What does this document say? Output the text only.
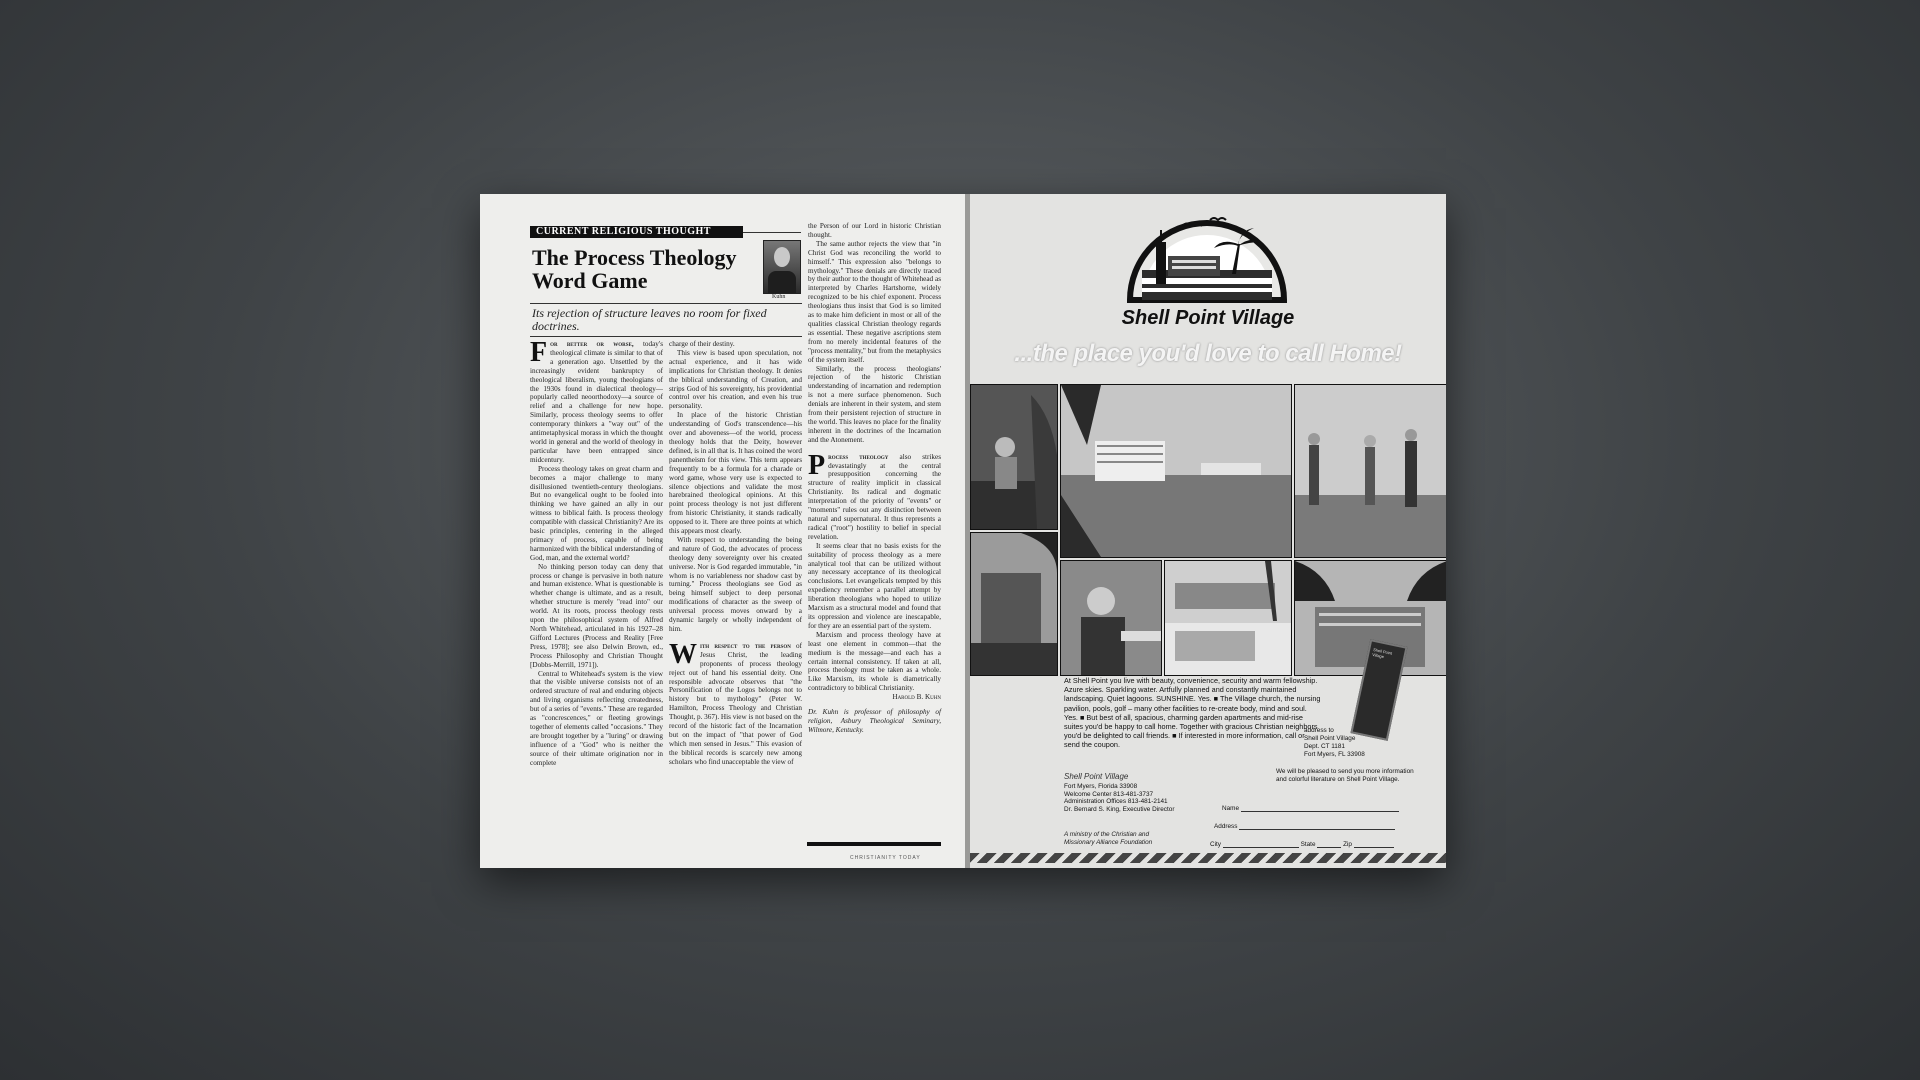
CURRENT RELIGIOUS THOUGHT
The Process Theology Word Game
Kuhn

Its rejection of structure leaves no room for fixed doctrines.

For better or worse, today's theological climate is similar to that of a generation ago. Unsettled by the increasingly evident bankruptcy of theological liberalism, young theologians of the 1930s found in dialectical theology—popularly called neoorthodoxy—a source of relief and a challenge for new hope. Similarly, process theology seems to offer contemporary thinkers a "way out" of the antimetaphysical morass in which the thought world in general and the world of theology in particular have been entrapped since midcentury.

Process theology takes on great charm and becomes a major challenge to many disillusioned twentieth-century theologians. But no evangelical ought to be fooled into thinking we have gained an ally in our witness to biblical faith. Is process theology compatible with classical Christianity? Are its basic principles, centering in the alleged primacy of process, capable of being harmonized with the biblical understanding of God, man, and the external world?

No thinking person today can deny that process or change is pervasive in both nature and human existence. What is questionable is whether change is ultimate, and as a result, whether structure is merely "read into" our world. At its roots, process theology rests upon the philosophical system of Alfred North Whitehead, articulated in his 1927–28 Gifford Lectures (Process and Reality [Free Press, 1978]; see also Delwin Brown, ed., Process Philosophy and Christian Thought [Dobbs-Merrill, 1971]).

Central to Whitehead's system is the view that the visible universe consists not of an ordered structure of real and enduring objects and living organisms reflecting createdness, but of a series of "events." These are regarded as "concrescences," or fleeting growings together of elements called "occasions." They are brought together by a "luring" or drawing influence of a "God" who is neither the source of their ultimate origination nor in complete

charge of their destiny.

This view is based upon speculation, not actual experience, and it has wide implications for Christian theology. It denies the biblical understanding of Creation, and strips God of his sovereignty, his providential control over his creation, and even his true personality.

In place of the historic Christian understanding of God's transcendence—his over and aboveness—of the world, process theology holds that the Deity, however defined, is in all that is. It has coined the word panentheism for this view. This term appears frequently to be a formula for a charade or word game, whose very use is expected to silence objections and validate the most harebrained theological opinions. At this point process theology is not just different from historic Christianity, it stands radically opposed to it. There are three points at which this appears most clearly.

With respect to understanding the being and nature of God, the advocates of process theology deny sovereignty over his created universe. Nor is God regarded immutable, "in whom is no variableness nor shadow cast by turning." Process theologians see God as being himself subject to deep personal modifications of character as the sweep of universal process moves onward by a dynamic largely or wholly independent of him.

With respect to the person of Jesus Christ, the leading proponents of process theology reject out of hand his essential deity. One responsible advocate observes that "the Personification of the Logos belongs not to history but to mythology" (Peter W. Hamilton, Process Theology and Christian Thought, p. 367). His view is not based on the record of the historic fact of the Incarnation but on the impact of "that power of God which men sensed in Jesus." This evasion of the biblical records is scarcely new among scholars who find unacceptable the view of

the Person of our Lord in historic Christian thought.

The same author rejects the view that "in Christ God was reconciling the world to himself." This expression also "belongs to mythology." These denials are directly traced by their author to the thought of Whitehead as interpreted by Charles Hartshorne, widely recognized to be his chief exponent. Process theologians thus insist that God is so limited as to make him deficient in most or all of the qualities classical Christian theology regards as essential. These negative ascriptions stem from no merely incidental features of the "process mentality," but from the metaphysics of the system itself.

Similarly, the process theologians' rejection of the historic Christian understanding of incarnation and redemption is not a mere surface phenomenon. Such denials are inherent in their system, and stem from their persistent rejection of structure in the world. This leaves no place for the finality inherent in the doctrines of the Incarnation and the Atonement.

Process theology also strikes devastatingly at the central presupposition concerning the structure of reality implicit in classical Christianity. Its radical and dogmatic interpretation of the priority of "events" or "moments" rules out any distinction between natural and supernatural. It thus represents a radical ("root") hostility to belief in special revelation.

It seems clear that no basis exists for the suitability of process theology as a mere analytical tool that can be utilized without any necessary acceptance of its theological conclusions. Let evangelicals tempted by this expediency remember a parallel attempt by liberation theologians who hoped to utilize Marxism as a structural model and found that its oppression and violence are inescapable, for they are an essential part of the system.

Marxism and process theology have at least one element in common—that the medium is the message—and each has a certain internal consistency. If taken at all, process theology must be taken as a whole. Like Marxism, its whole is diametrically contradictory to biblical Christianity.

Harold B. Kuhn

Dr. Kuhn is professor of philosophy of religion, Asbury Theological Seminary, Wilmore, Kentucky.

CHRISTIANITY TODAY
Shell Point Village
...the place you'd love to call Home!
Shell Point Village

At Shell Point you live with beauty, convenience, security and warm fellowship. Azure skies. Sparkling water. Artfully planned and constantly maintained landscaping. Quiet lagoons. SUNSHINE. Yes. ■ The Village church, the nursing pavilion, pools, golf – many other facilities to re-create body, mind and soul. Yes. ■ But best of all, spacious, charming garden apartments and mid-rise suites you'd be happy to call home. Together with gracious Christian neighbors you'd be delighted to call friends. ■ If interested in more information, call or send the coupon.

address to
Shell Point Village
Dept. CT 1181
Fort Myers, FL 33908
Shell Point Village
Fort Myers, Florida 33908
Welcome Center 813-481-3737
Administration Offices 813-481-2141
Dr. Bernard S. King, Executive Director
A ministry of the Christian and
Missionary Alliance Foundation
We will be pleased to send you more information and colorful literature on Shell Point Village.
Name
Address
City	State	Zip
